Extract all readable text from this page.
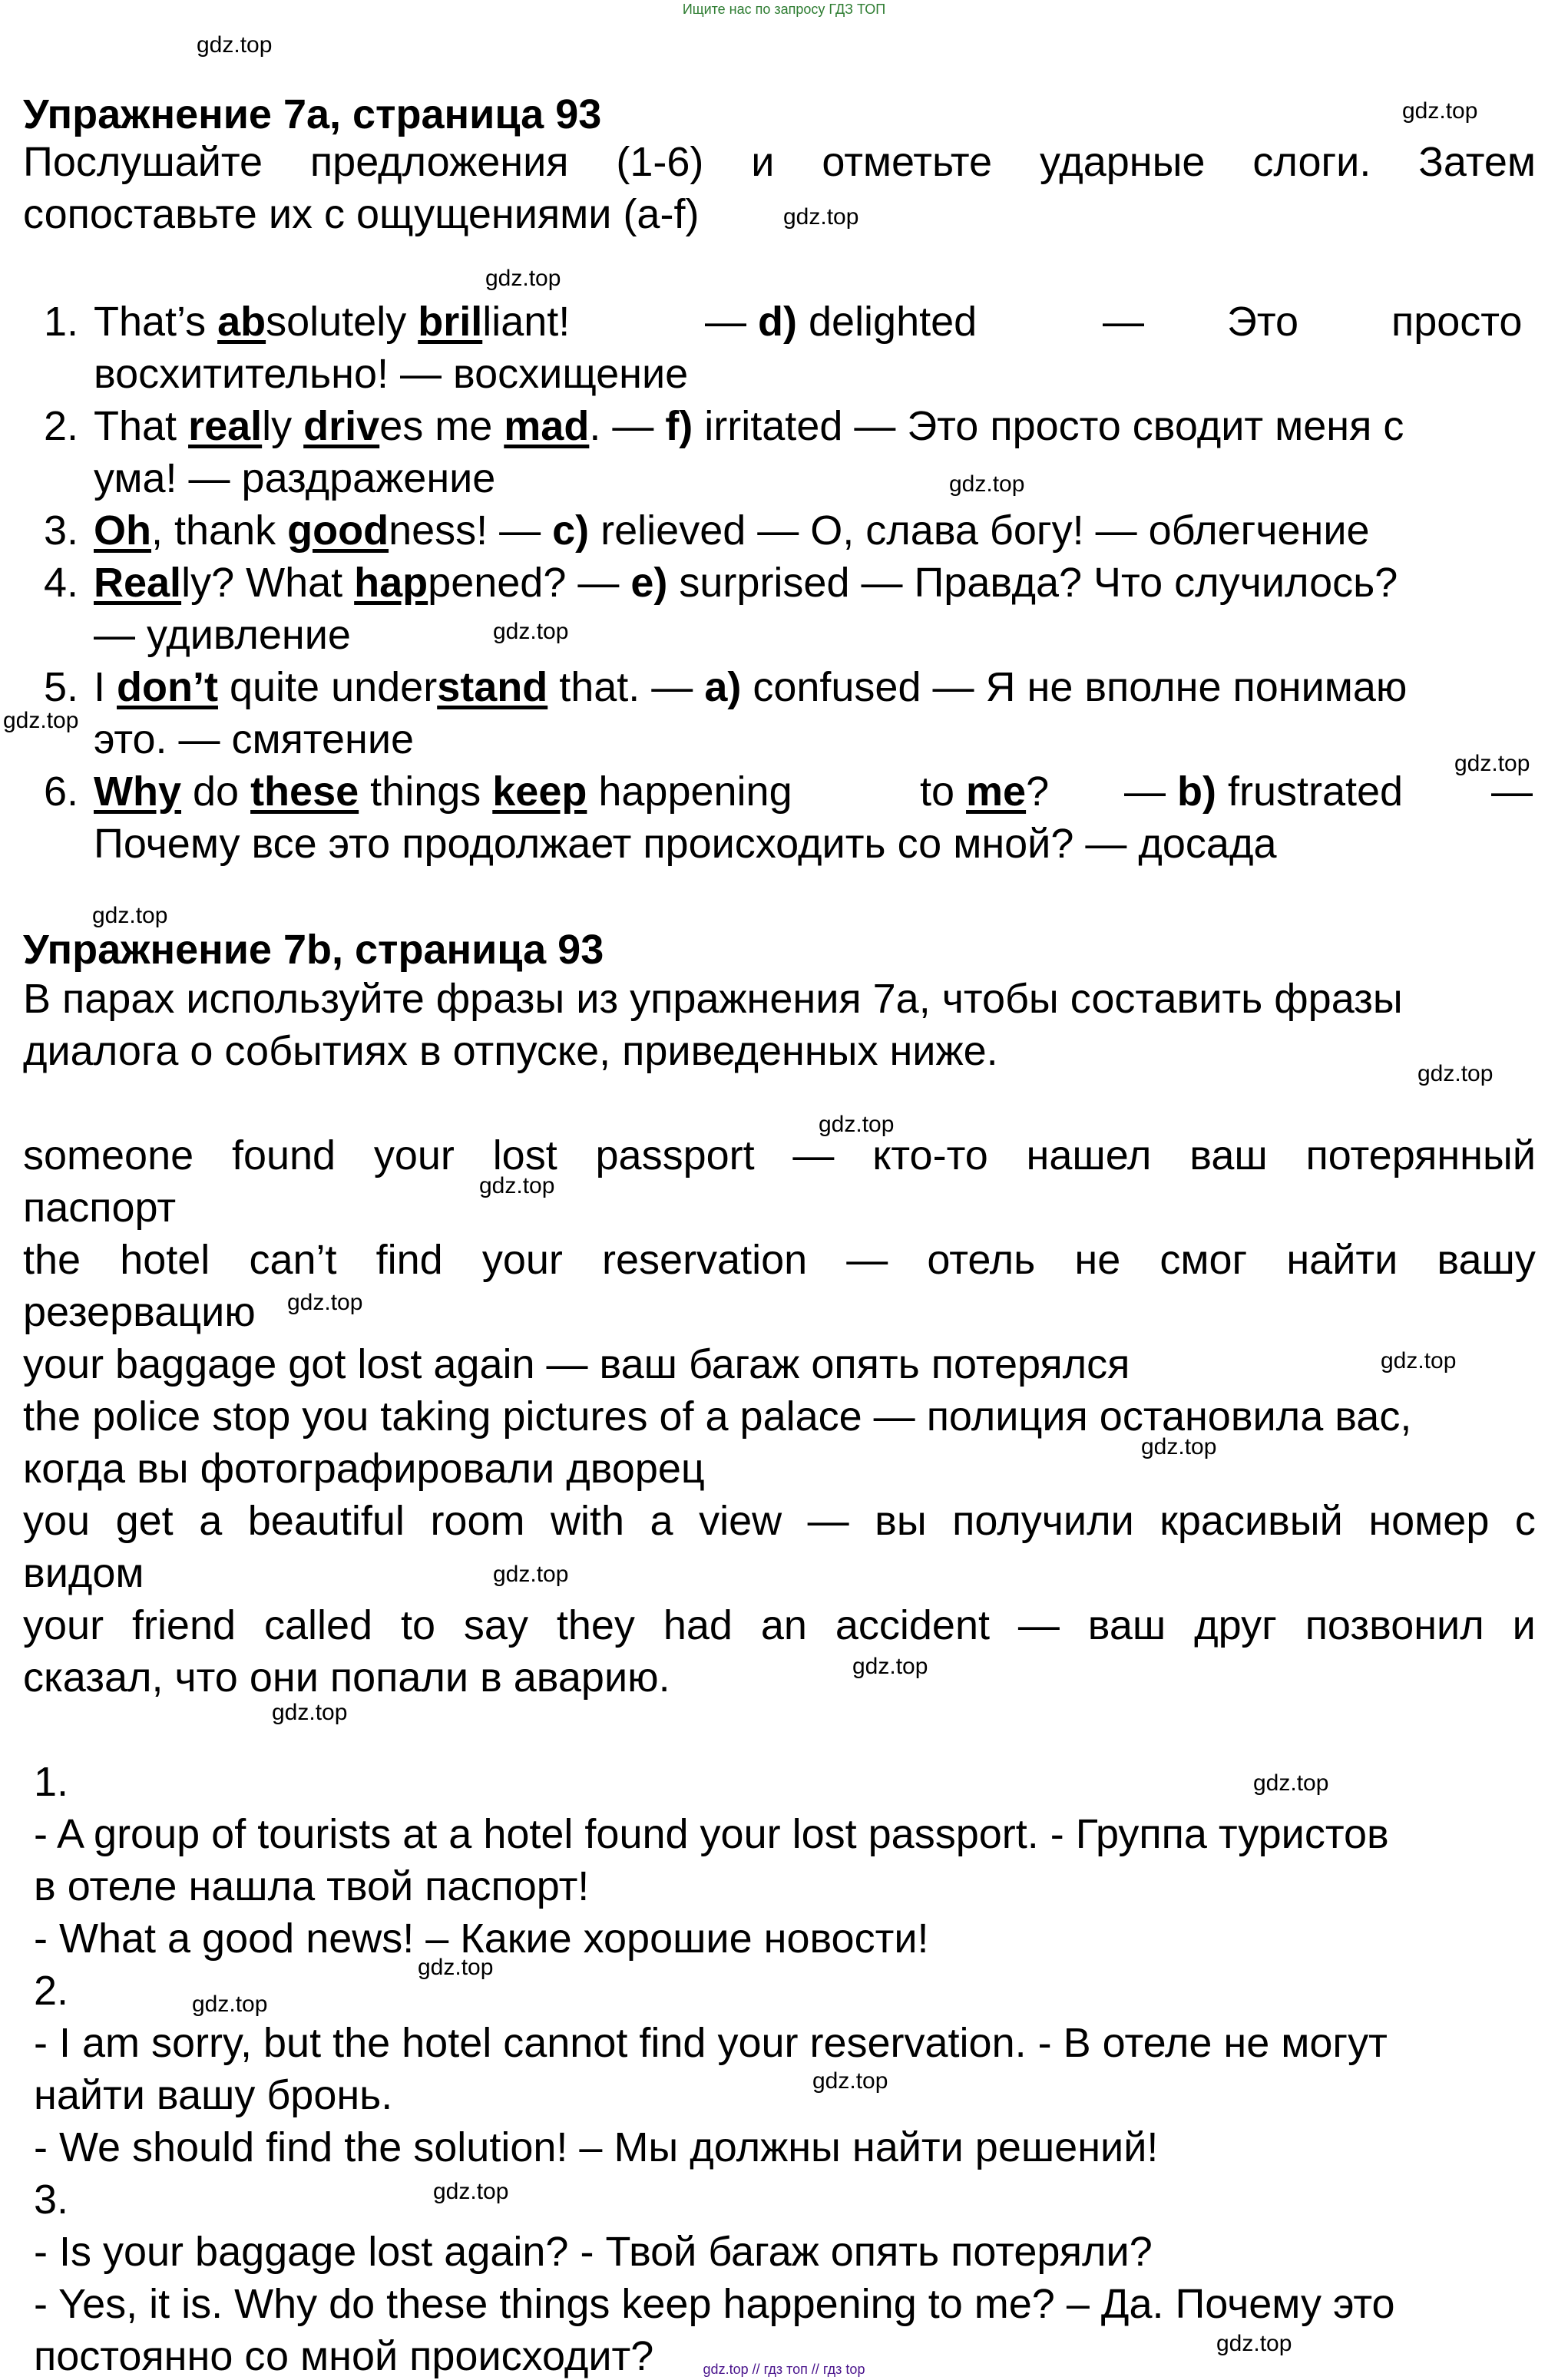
Ищите нас по запросу ГДЗ ТОП
gdz.top
gdz.top
gdz.top
gdz.top
gdz.top
gdz.top
gdz.top
gdz.top
gdz.top
gdz.top
gdz.top
gdz.top
gdz.top
gdz.top
gdz.top
gdz.top
gdz.top
gdz.top
gdz.top
gdz.top
gdz.top
gdz.top
gdz.top
gdz.top
Упражнение 7a, страница 93
Послушайте предложения (1-6) и отметьте ударные слоги. Затем
сопоставьте их с ощущениями (a-f)
1. That’s absolutely brilliant!	— d) delighted	— Это просто
восхитительно! — восхищение
2. That really drives me mad. — f) irritated — Это просто сводит меня с
ума! — раздражение
3. Oh, thank goodness! — c) relieved — О, слава богу! — облегчение
4. Really? What happened? — e) surprised — Правда? Что случилось?
— удивление
5. I don’t quite understand that. — a) confused — Я не вполне понимаю
это. — смятение
6. Why do these things keep happening	to me? — b) frustrated —
Почему все это продолжает происходить со мной? — досада
Упражнение 7b, страница 93
В парах используйте фразы из упражнения 7a, чтобы составить фразы
диалога о событиях в отпуске, приведенных ниже.
someone found your lost passport — кто-то нашел ваш потерянный
паспорт
the hotel can’t find your reservation — отель не смог найти вашу
резервацию
your baggage got lost again — ваш багаж опять потерялся
the police stop you taking pictures of a palace — полиция остановила вас,
когда вы фотографировали дворец
you get a beautiful room with a view — вы получили красивый номер с
видом
your friend called to say they had an accident — ваш друг позвонил и
сказал, что они попали в аварию.
1.
- A group of tourists at a hotel found your lost passport. - Группа туристов
в отеле нашла твой паспорт!
- What a good news! – Какие хорошие новости!
2.
- I am sorry, but the hotel cannot find your reservation. - В отеле не могут
найти вашу бронь.
- We should find the solution! – Мы должны найти решений!
3.
- Is your baggage lost again? - Твой багаж опять потеряли?
- Yes, it is. Why do these things keep happening to me? – Да. Почему это
постоянно со мной происходит?	gdz.top // гдз топ // гдз top
